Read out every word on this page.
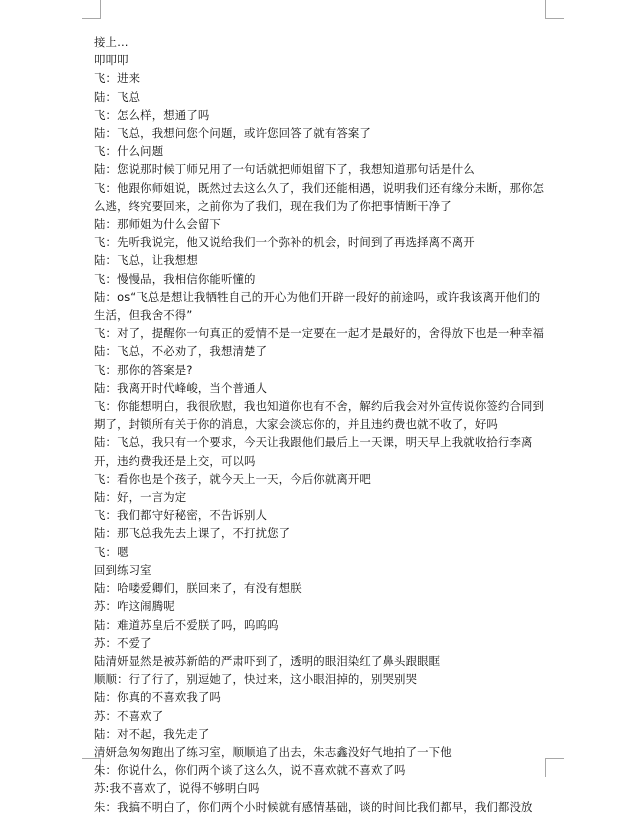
接上…
叩叩叩
飞：进来
陆：飞总
飞：怎么样，想通了吗
陆：飞总，我想问您个问题，或许您回答了就有答案了
飞：什么问题
陆：您说那时候丁师兄用了一句话就把师姐留下了，我想知道那句话是什么
飞：他跟你师姐说，既然过去这么久了，我们还能相遇，说明我们还有缘分未断，那你怎么逃，终究要回来，之前你为了我们，现在我们为了你把事情断干净了
陆：那师姐为什么会留下
飞：先听我说完，他又说给我们一个弥补的机会，时间到了再选择离不离开
陆：飞总，让我想想
飞：慢慢品，我相信你能听懂的
陆：os“飞总是想让我牺牲自己的开心为他们开辟一段好的前途吗，或许我该离开他们的生活，但我舍不得”
飞：对了，提醒你一句真正的爱情不是一定要在一起才是最好的，舍得放下也是一种幸福
陆：飞总，不必劝了，我想清楚了
飞：那你的答案是?
陆：我离开时代峰峻，当个普通人
飞：你能想明白，我很欣慰，我也知道你也有不舍，解约后我会对外宣传说你签约合同到期了，封锁所有关于你的消息，大家会淡忘你的，并且违约费也就不收了，好吗
陆：飞总，我只有一个要求，今天让我跟他们最后上一天课，明天早上我就收拾行李离开，违约费我还是上交，可以吗
飞：看你也是个孩子，就今天上一天，今后你就离开吧
陆：好，一言为定
飞：我们都守好秘密，不告诉别人
陆：那飞总我先去上课了，不打扰您了
飞：嗯
回到练习室
陆：哈喽爱卿们，朕回来了，有没有想朕
苏：咋这闹腾呢
陆：难道苏皇后不爱朕了吗，呜呜呜
苏：不爱了
陆清妍显然是被苏新皓的严肃吓到了，透明的眼泪染红了鼻头跟眼眶
顺顺：行了行了，别逗她了，快过来，这小眼泪掉的，别哭别哭
陆：你真的不喜欢我了吗
苏：不喜欢了
陆：对不起，我先走了
清妍急匆匆跑出了练习室，顺顺追了出去，朱志鑫没好气地拍了一下他
朱：你说什么，你们两个谈了这么久，说不喜欢就不喜欢了吗
苏:我不喜欢了，说得不够明白吗
朱：我搞不明白了，你们两个小时候就有感情基础，谈的时间比我们都早，我们都没放
